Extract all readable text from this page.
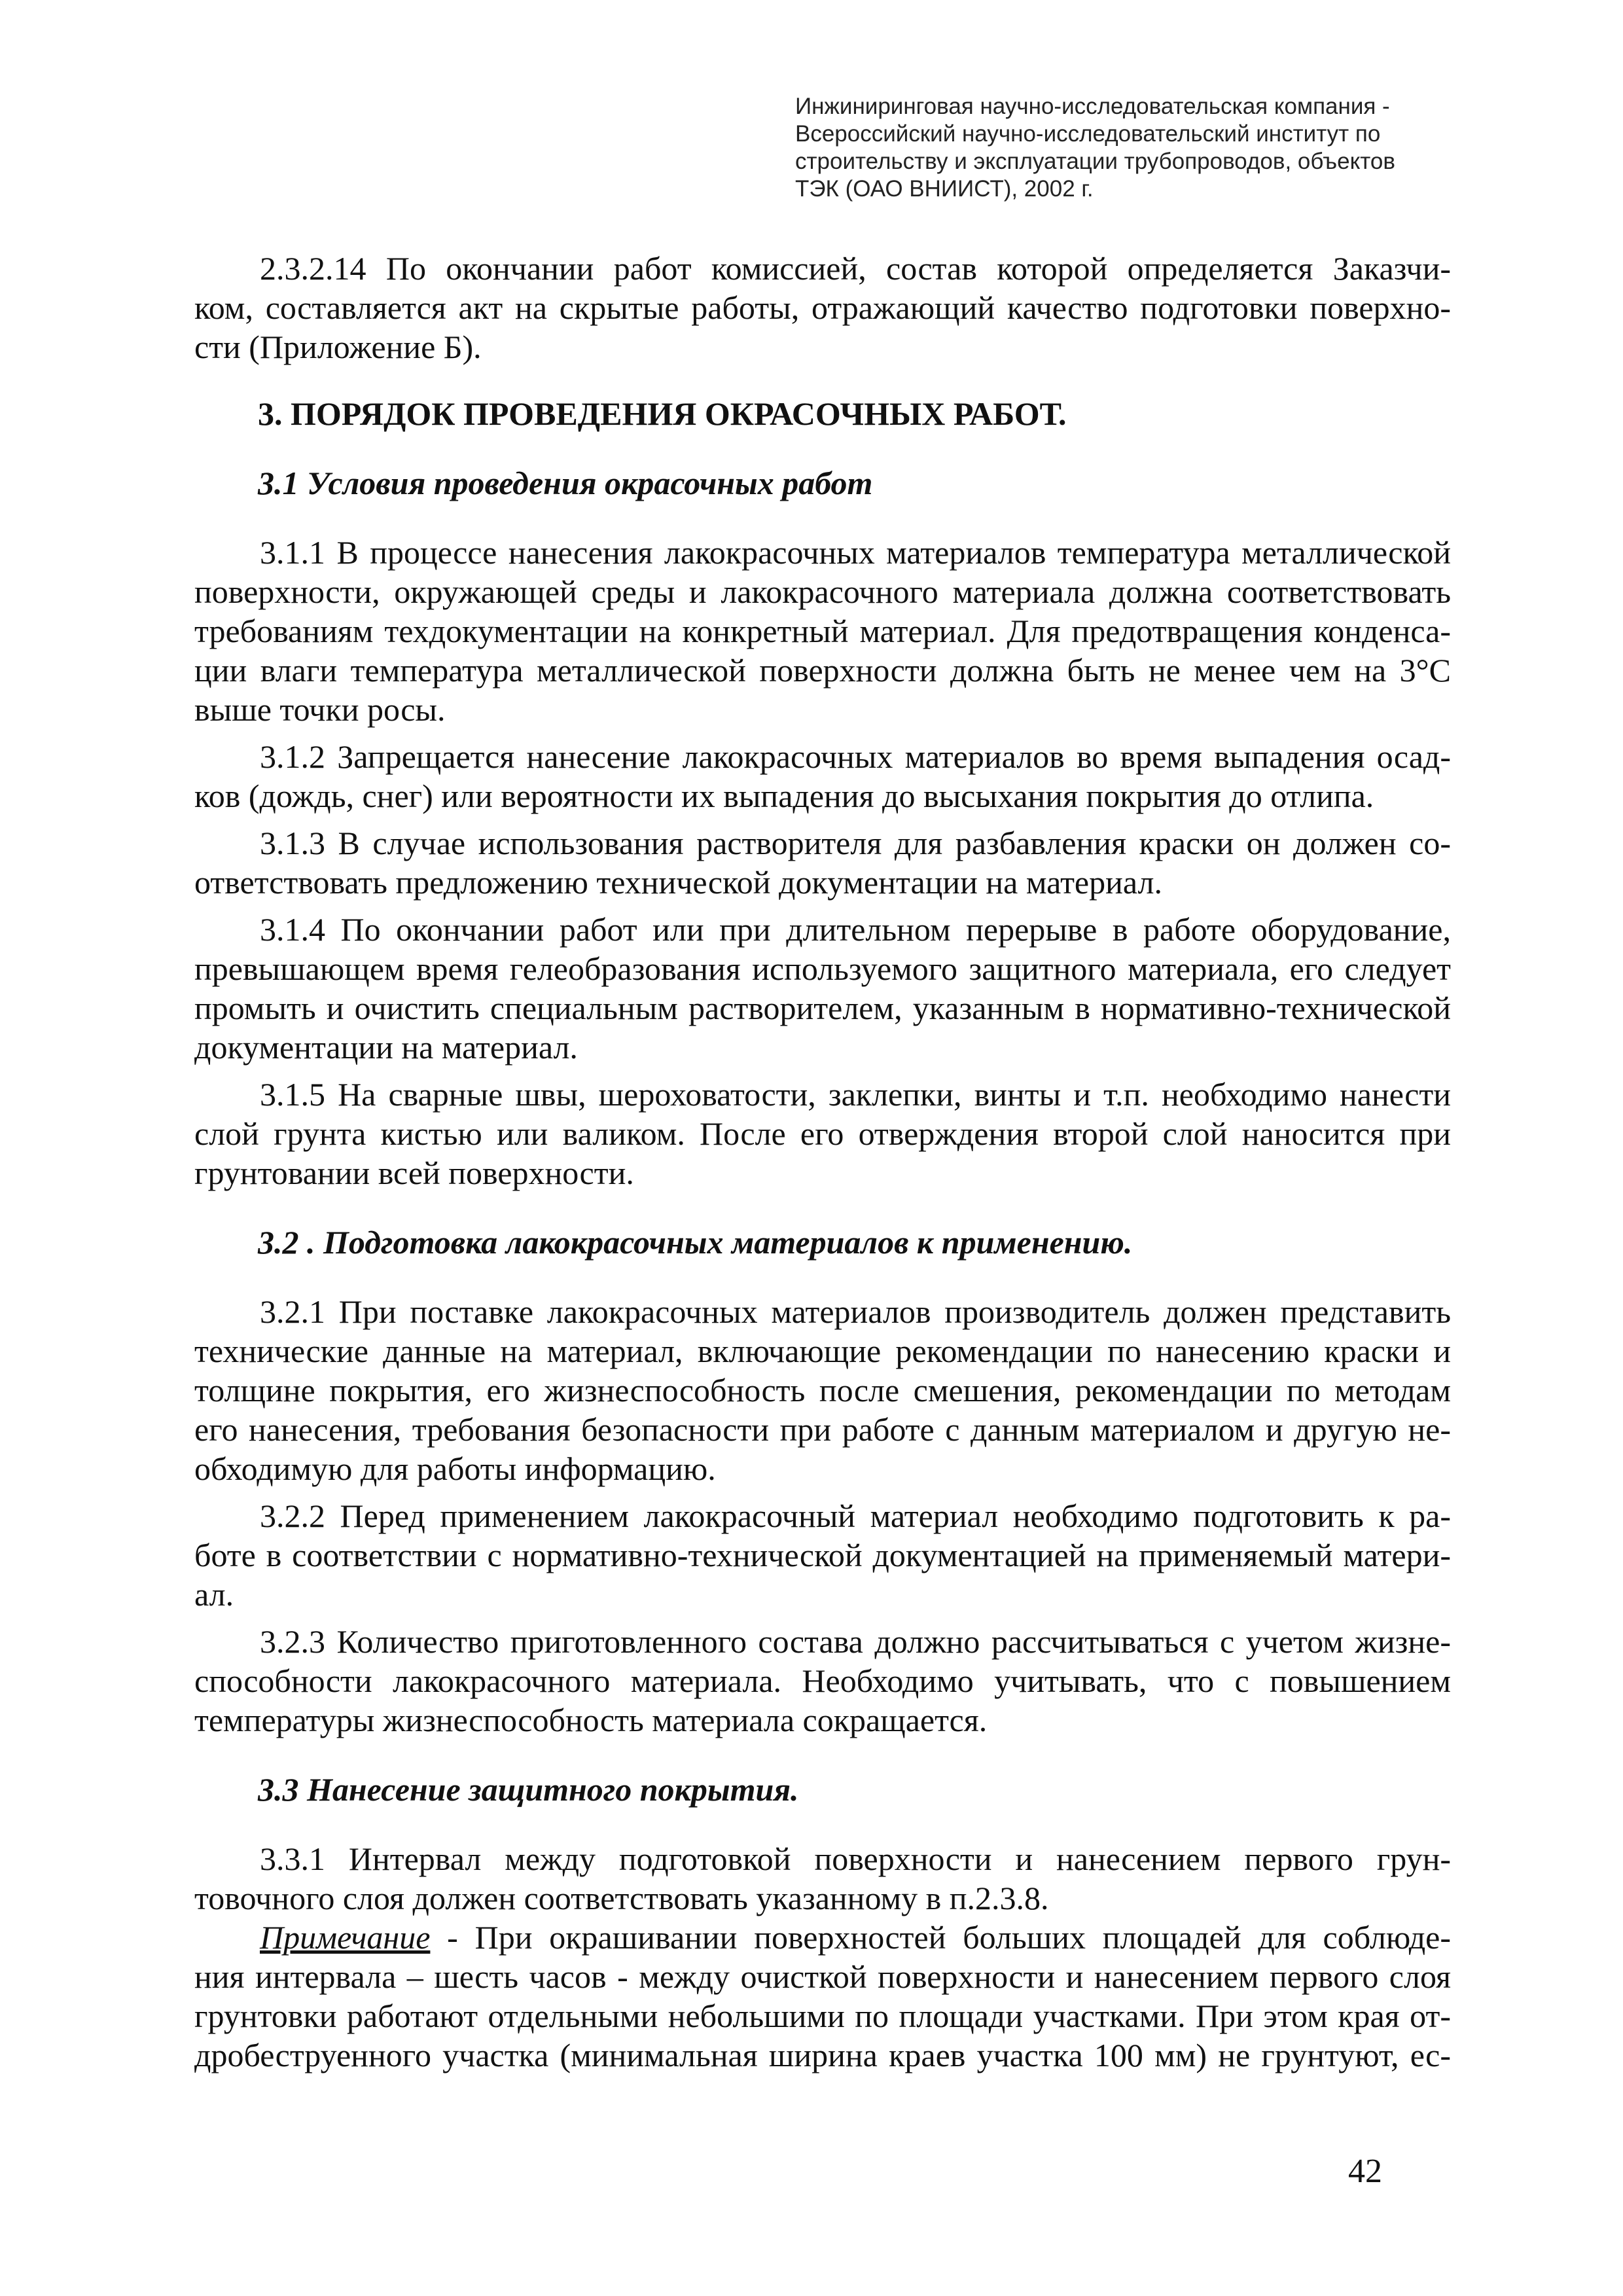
Инжиниринговая научно-исследовательская компания -
Всероссийский научно-исследовательский институт по
строительству и эксплуатации трубопроводов, объектов
ТЭК (ОАО ВНИИСТ), 2002 г.
2.3.2.14 По окончании работ комиссией, состав которой определяется Заказчи-
ком, составляется акт на скрытые работы, отражающий качество подготовки поверхно-
сти (Приложение Б).
3. ПОРЯДОК ПРОВЕДЕНИЯ ОКРАСОЧНЫХ РАБОТ.
3.1 Условия проведения окрасочных работ
3.1.1 В процессе нанесения лакокрасочных материалов температура металлической
поверхности, окружающей среды и лакокрасочного материала должна соответствовать
требованиям техдокументации на конкретный материал. Для предотвращения конденса-
ции влаги температура металлической поверхности должна быть не менее чем на 3°С
выше точки росы.
3.1.2 Запрещается нанесение лакокрасочных материалов во время выпадения осад-
ков (дождь, снег) или вероятности их выпадения до высыхания покрытия до отлипа.
3.1.3 В случае использования растворителя для разбавления краски он должен со-
ответствовать предложению технической документации на материал.
3.1.4 По окончании работ или при длительном перерыве в работе оборудование,
превышающем время гелеобразования используемого защитного материала, его следует
промыть и очистить специальным растворителем, указанным в нормативно-технической
документации на материал.
3.1.5 На сварные швы, шероховатости, заклепки, винты и т.п. необходимо нанести
слой грунта кистью или валиком. После его отверждения второй слой наносится при
грунтовании всей поверхности.
3.2 . Подготовка лакокрасочных материалов к применению.
3.2.1 При поставке лакокрасочных материалов производитель должен представить
технические данные на материал, включающие рекомендации по нанесению краски и
толщине покрытия, его жизнеспособность после смешения, рекомендации по методам
его нанесения, требования безопасности при работе с данным материалом и другую не-
обходимую для работы информацию.
3.2.2 Перед применением лакокрасочный материал необходимо подготовить к ра-
боте в соответствии с нормативно-технической документацией на применяемый матери-
ал.
3.2.3 Количество приготовленного состава должно рассчитываться с учетом жизне-
способности лакокрасочного материала. Необходимо учитывать, что с повышением
температуры жизнеспособность материала сокращается.
3.3 Нанесение защитного покрытия.
3.3.1 Интервал между подготовкой поверхности и нанесением первого грун-
товочного слоя должен соответствовать указанному в п.2.3.8.
Примечание - При окрашивании поверхностей больших площадей для соблюде-
ния интервала – шесть часов - между очисткой поверхности и нанесением первого слоя
грунтовки работают отдельными небольшими по площади участками. При этом края от-
дробеструенного участка (минимальная ширина краев участка 100 мм) не грунтуют, ес-
42
